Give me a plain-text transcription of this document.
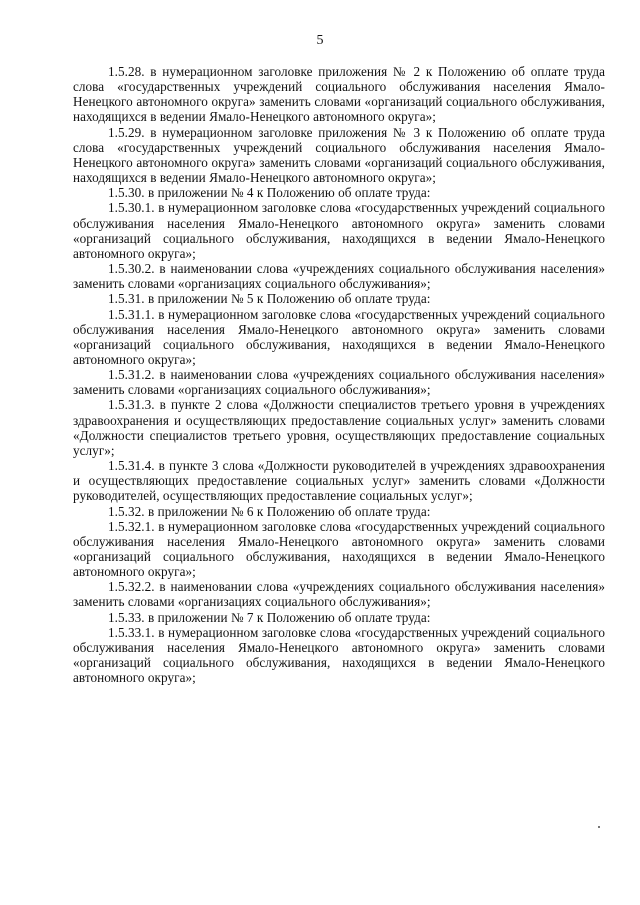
5

1.5.28. в нумерационном заголовке приложения № 2 к Положению об оплате труда слова «государственных учреждений социального обслуживания населения Ямало-Ненецкого автономного округа» заменить словами «организаций социального обслуживания, находящихся в ведении Ямало-Ненецкого автономного округа»;

1.5.29. в нумерационном заголовке приложения № 3 к Положению об оплате труда слова «государственных учреждений социального обслуживания населения Ямало-Ненецкого автономного округа» заменить словами «организаций социального обслуживания, находящихся в ведении Ямало-Ненецкого автономного округа»;

1.5.30. в приложении № 4 к Положению об оплате труда:

1.5.30.1. в нумерационном заголовке слова «государственных учреждений социального обслуживания населения Ямало-Ненецкого автономного округа» заменить словами «организаций социального обслуживания, находящихся в ведении Ямало-Ненецкого автономного округа»;

1.5.30.2. в наименовании слова «учреждениях социального обслуживания населения» заменить словами «организациях социального обслуживания»;

1.5.31. в приложении № 5 к Положению об оплате труда:

1.5.31.1. в нумерационном заголовке слова «государственных учреждений социального обслуживания населения Ямало-Ненецкого автономного округа» заменить словами «организаций социального обслуживания, находящихся в ведении Ямало-Ненецкого автономного округа»;

1.5.31.2. в наименовании слова «учреждениях социального обслуживания населения» заменить словами «организациях социального обслуживания»;

1.5.31.3. в пункте 2 слова «Должности специалистов третьего уровня в учреждениях здравоохранения и осуществляющих предоставление социальных услуг» заменить словами «Должности специалистов третьего уровня, осуществляющих предоставление социальных услуг»;

1.5.31.4. в пункте 3 слова «Должности руководителей в учреждениях здравоохранения и осуществляющих предоставление социальных услуг» заменить словами «Должности руководителей, осуществляющих предоставление социальных услуг»;

1.5.32. в приложении № 6 к Положению об оплате труда:

1.5.32.1. в нумерационном заголовке слова «государственных учреждений социального обслуживания населения Ямало-Ненецкого автономного округа» заменить словами «организаций социального обслуживания, находящихся в ведении Ямало-Ненецкого автономного округа»;

1.5.32.2. в наименовании слова «учреждениях социального обслуживания населения» заменить словами «организациях социального обслуживания»;

1.5.33. в приложении № 7 к Положению об оплате труда:

1.5.33.1. в нумерационном заголовке слова «государственных учреждений социального обслуживания населения Ямало-Ненецкого автономного округа» заменить словами «организаций социального обслуживания, находящихся в ведении Ямало-Ненецкого автономного округа»;
